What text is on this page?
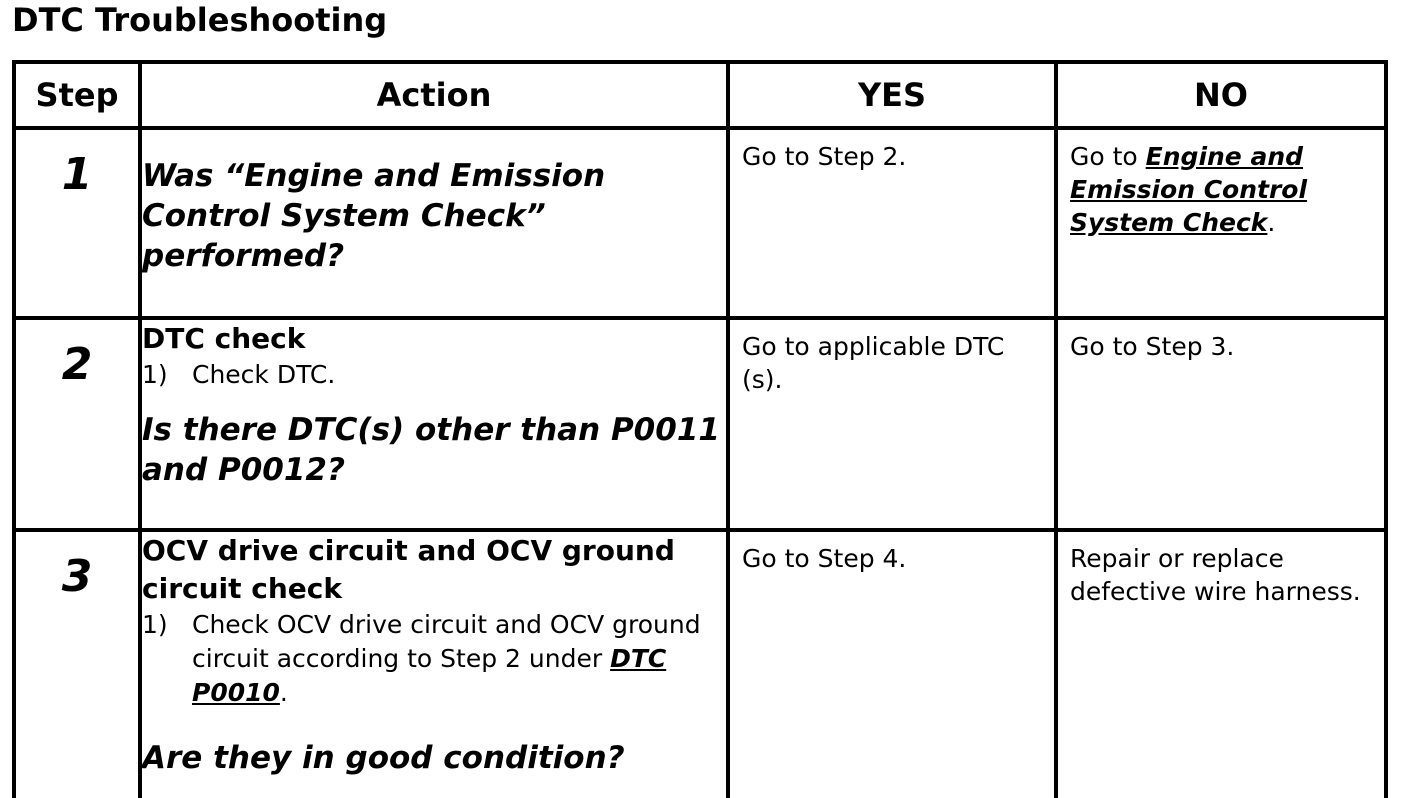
DTC Troubleshooting
Step	Action	YES	NO

1	Was “Engine and Emission Control System Check” performed?	Go to Step 2.	Go to Engine and Emission Control System Check.

2	DTC check
1) Check DTC.
Is there DTC(s) other than P0011 and P0012?	Go to applicable DTC (s).	Go to Step 3.

3	OCV drive circuit and OCV ground circuit check
1) Check OCV drive circuit and OCV ground circuit according to Step 2 under DTC P0010.
Are they in good condition?	Go to Step 4.	Repair or replace defective wire harness.
